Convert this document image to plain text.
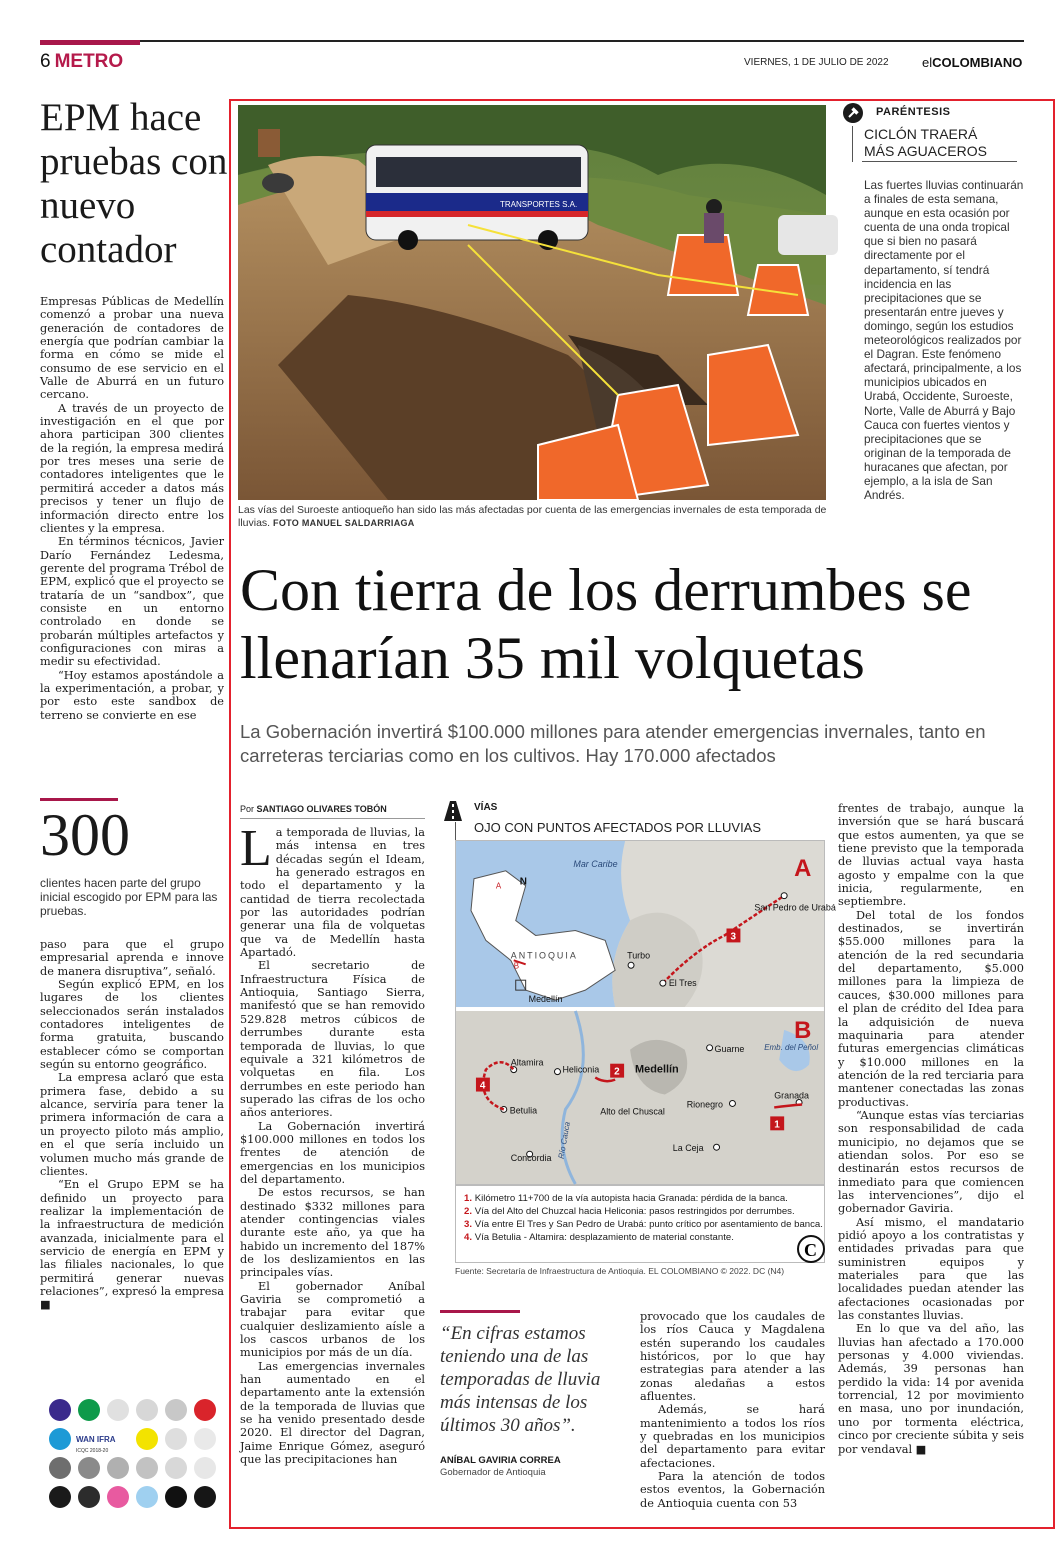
6 METRO	VIERNES, 1 DE JULIO DE 2022	elCOLOMBIANO
EPM hace pruebas con nuevo contador

Empresas Públicas de Medellín comenzó a probar una nueva generación de contadores de energía que podrían cambiar la forma en cómo se mide el consumo de ese servicio en el Valle de Aburrá en un futuro cercano.

A través de un proyecto de investigación en el que por ahora participan 300 clientes de la región, la empresa medirá por tres meses una serie de contadores inteligentes que le permitirá acceder a datos más precisos y tener un flujo de información directo entre los clientes y la empresa.

En términos técnicos, Javier Darío Fernández Ledesma, gerente del programa Trébol de EPM, explicó que el proyecto se trataría de un “sandbox”, que consiste en un entorno controlado en donde se probarán múltiples artefactos y configuraciones con miras a medir su efectividad.

“Hoy estamos apostándole a la experimentación, a probar, y por esto este sandbox de terreno se convierte en ese

300
clientes hacen parte del grupo inicial escogido por EPM para las pruebas.

paso para que el grupo empresarial aprenda e innove de manera disruptiva”, señaló.

Según explicó EPM, en los lugares de los clientes seleccionados serán instalados contadores inteligentes de forma gratuita, buscando establecer cómo se comportan según su entorno geográfico.

La empresa aclaró que esta primera fase, debido a su alcance, serviría para tener la primera información de cara a un proyecto piloto más amplio, en el que sería incluido un volumen mucho más grande de clientes.

“En el Grupo EPM se ha definido un proyecto para realizar la implementación de la infraestructura de medición avanzada, inicialmente para el servicio de energía en EPM y las filiales nacionales, lo que permitirá generar nuevas relaciones”, expresó la empresa ■

WAN IFRA
ICQC 2018-20
TRANSPORTES S.A.
Las vías del Suroeste antioqueño han sido las más afectadas por cuenta de las emergencias invernales de esta temporada de lluvias. FOTO MANUEL SALDARRIAGA
PARÉNTESIS
CICLÓN TRAERÁ MÁS AGUACEROS
Las fuertes lluvias continuarán a finales de esta semana, aunque en esta ocasión por cuenta de una onda tropical que si bien no pasará directamente por el departamento, sí tendrá incidencia en las precipitaciones que se presentarán entre jueves y domingo, según los estudios meteorológicos realizados por el Dagran. Este fenómeno afectará, principalmente, a los municipios ubicados en Urabá, Occidente, Suroeste, Norte, Valle de Aburrá y Bajo Cauca con fuertes vientos y precipitaciones que se originan de la temporada de huracanes que afectan, por ejemplo, a la isla de San Andrés.
Con tierra de los derrumbes se llenarían 35 mil volquetas
La Gobernación invertirá $100.000 millones para atender emergencias invernales, tanto en carreteras terciarias como en los cultivos. Hay 170.000 afectados
Por SANTIAGO OLIVARES TOBÓN

La temporada de lluvias, la más intensa en tres décadas según el Ideam, ha generado estragos en todo el departamento y la cantidad de tierra recolectada por las autoridades podrían generar una fila de volquetas que va de Medellín hasta Apartadó.

El secretario de Infraestructura Física de Antioquia, Santiago Sierra, manifestó que se han removido 529.828 metros cúbicos de derrumbes durante esta temporada de lluvias, lo que equivale a 321 kilómetros de volquetas en fila. Los derrumbes en este periodo han superado las cifras de los ocho años anteriores.

La Gobernación invertirá $100.000 millones en todos los frentes de atención de emergencias en los municipios del departamento.

De estos recursos, se han destinado $332 millones para atender contingencias viales durante este año, ya que ha habido un incremento del 187% de los deslizamientos en las principales vías.

El gobernador Aníbal Gaviria se comprometió a trabajar para evitar que cualquier deslizamiento aísle a los cascos urbanos de los municipios por más de un día.

Las emergencias invernales han aumentado en el departamento ante la extensión de la temporada de lluvias que se ha venido presentado desde 2020. El director del Dagran, Jaime Enrique Gómez, aseguró que las precipitaciones han

VÍAS
OJO CON PUNTOS AFECTADOS POR LLUVIAS
Mar Caribe
B
A
ANTIOQUIA
Medellín
N
San Pedro de Urabá
Turbo
El Tres
3
A
Emb. del Peñol
B
Medellín
Guarne
Altamira
Heliconia
Alto del Chuscal
Rionegro
Granada
Betulia
Río Cauca
Concordia
La Ceja
4
2
1
1. Kilómetro 11+700 de la vía autopista hacia Granada: pérdida de la banca.
2. Vía del Alto del Chuzcal hacia Heliconia: pasos restringidos por derrumbes.
3. Vía entre El Tres y San Pedro de Urabá: punto crítico por asentamiento de banca.
4. Vía Betulia - Altamira: desplazamiento de material constante.
C
Fuente: Secretaría de Infraestructura de Antioquia. EL COLOMBIANO © 2022. DC (N4)
“En cifras estamos teniendo una de las temporadas de lluvia más intensas de los últimos 30 años”.
ANÍBAL GAVIRIA CORREA
Gobernador de Antioquia

provocado que los caudales de los ríos Cauca y Magdalena estén superando los caudales históricos, por lo que hay estrategias para atender a las zonas aledañas a estos afluentes.

Además, se hará mantenimiento a todos los ríos y quebradas en los municipios del departamento para evitar afectaciones.

Para la atención de todos estos eventos, la Gobernación de Antioquia cuenta con 53

frentes de trabajo, aunque la inversión que se hará buscará que estos aumenten, ya que se tiene previsto que la temporada de lluvias actual vaya hasta agosto y empalme con la que inicia, regularmente, en septiembre.

Del total de los fondos destinados, se invertirán $55.000 millones para la atención de la red secundaria del departamento, $5.000 millones para la limpieza de cauces, $30.000 millones para el plan de crédito del Idea para la adquisición de nueva maquinaria para atender futuras emergencias climáticas y $10.000 millones en la atención de la red terciaria para mantener conectadas las zonas productivas.

“Aunque estas vías terciarias son responsabilidad de cada municipio, no dejamos que se atiendan solos. Por eso se destinarán estos recursos de inmediato para que comiencen las intervenciones”, dijo el gobernador Gaviria.

Así mismo, el mandatario pidió apoyo a los contratistas y entidades privadas para que suministren equipos y materiales para que las localidades puedan atender las afectaciones ocasionadas por las constantes lluvias.

En lo que va del año, las lluvias han afectado a 170.000 personas y 4.000 viviendas. Además, 39 personas han perdido la vida: 14 por avenida torrencial, 12 por movimiento en masa, uno por inundación, uno por tormenta eléctrica, cinco por creciente súbita y seis por vendaval ■
